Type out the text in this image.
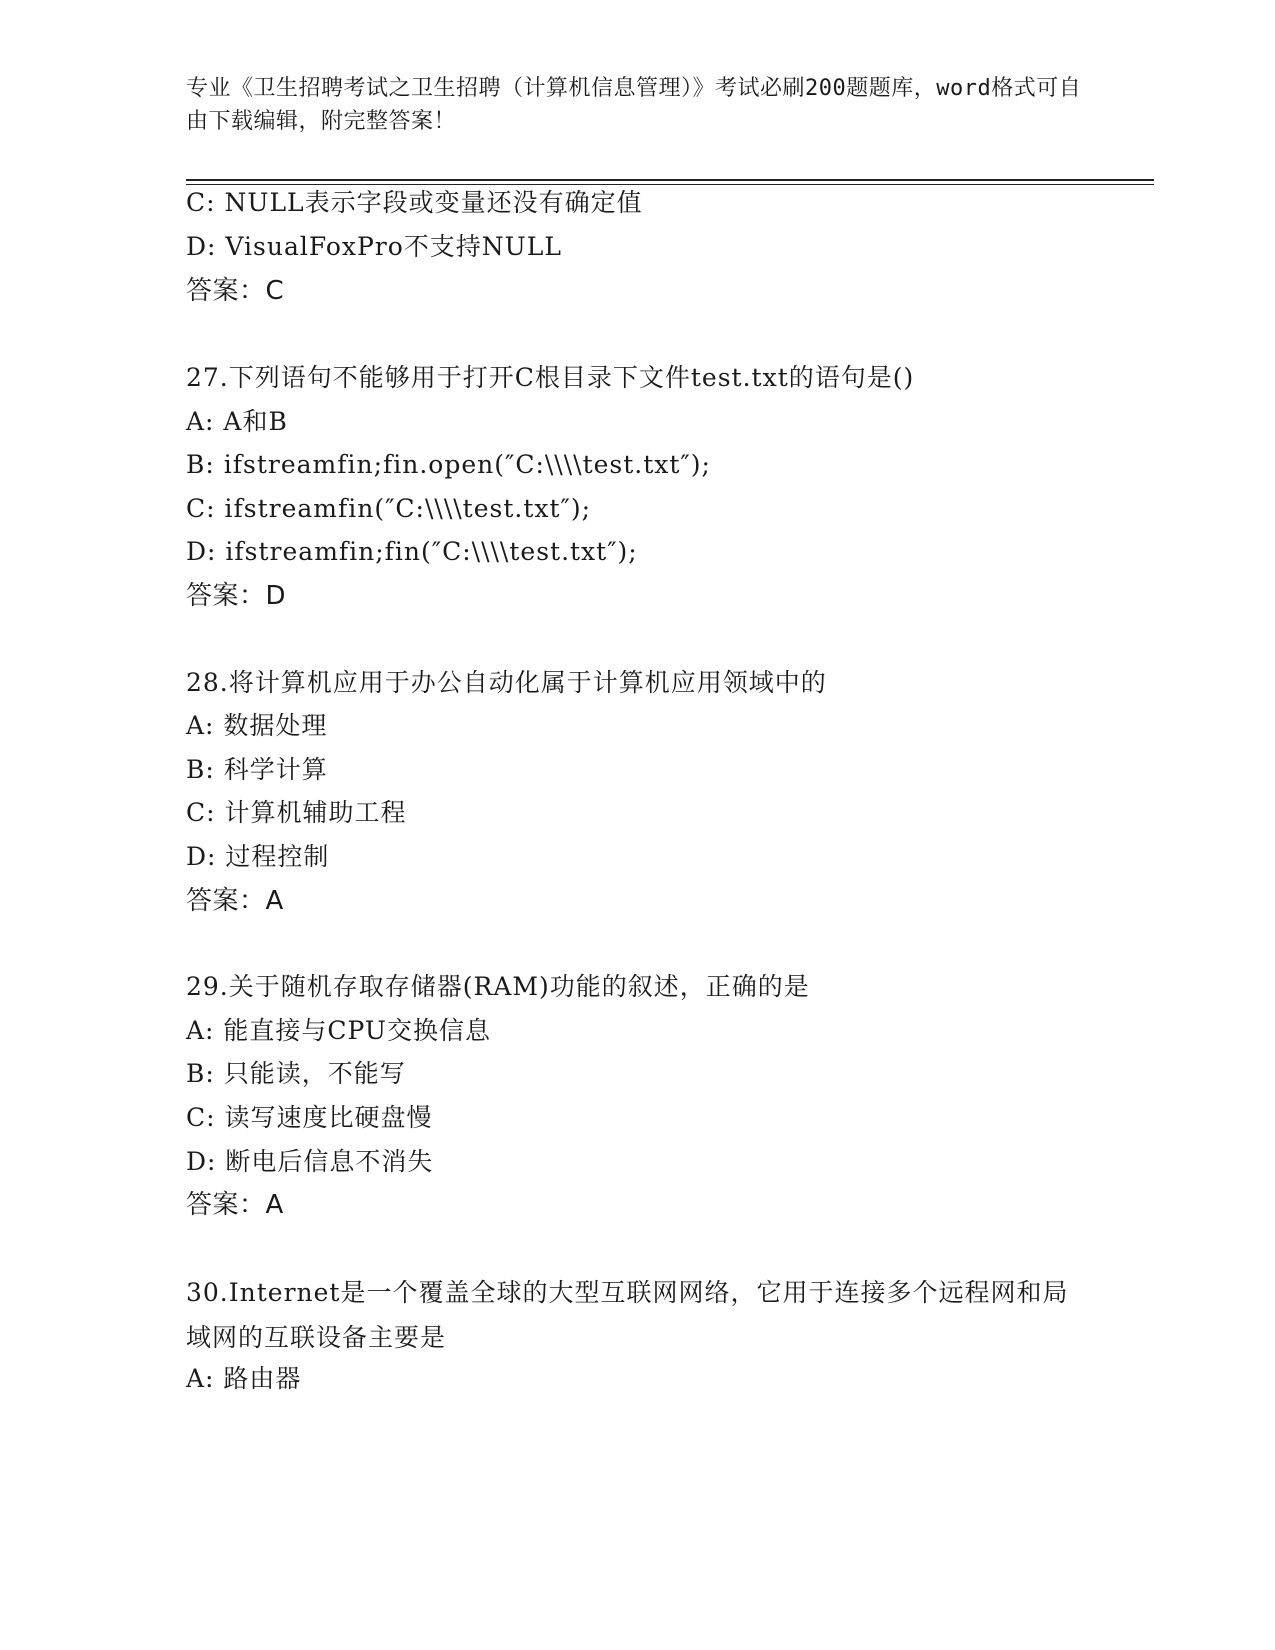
专业《卫生招聘考试之卫生招聘（计算机信息管理）》考试必刷200题题库，word格式可自由下载编辑，附完整答案！
C: NULL表示字段或变量还没有确定值
D: VisualFoxPro不支持NULL
答案：C
27.下列语句不能够用于打开C根目录下文件test.txt的语句是()
A: A和B
B: ifstreamfin;fin.open(″C:\\\\test.txt″);
C: ifstreamfin(″C:\\\\test.txt″);
D: ifstreamfin;fin(″C:\\\\test.txt″);
答案：D
28.将计算机应用于办公自动化属于计算机应用领域中的
A: 数据处理
B: 科学计算
C: 计算机辅助工程
D: 过程控制
答案：A
29.关于随机存取存储器(RAM)功能的叙述，正确的是
A: 能直接与CPU交换信息
B: 只能读，不能写
C: 读写速度比硬盘慢
D: 断电后信息不消失
答案：A
30.Internet是一个覆盖全球的大型互联网网络，它用于连接多个远程网和局域网的互联设备主要是
A: 路由器
